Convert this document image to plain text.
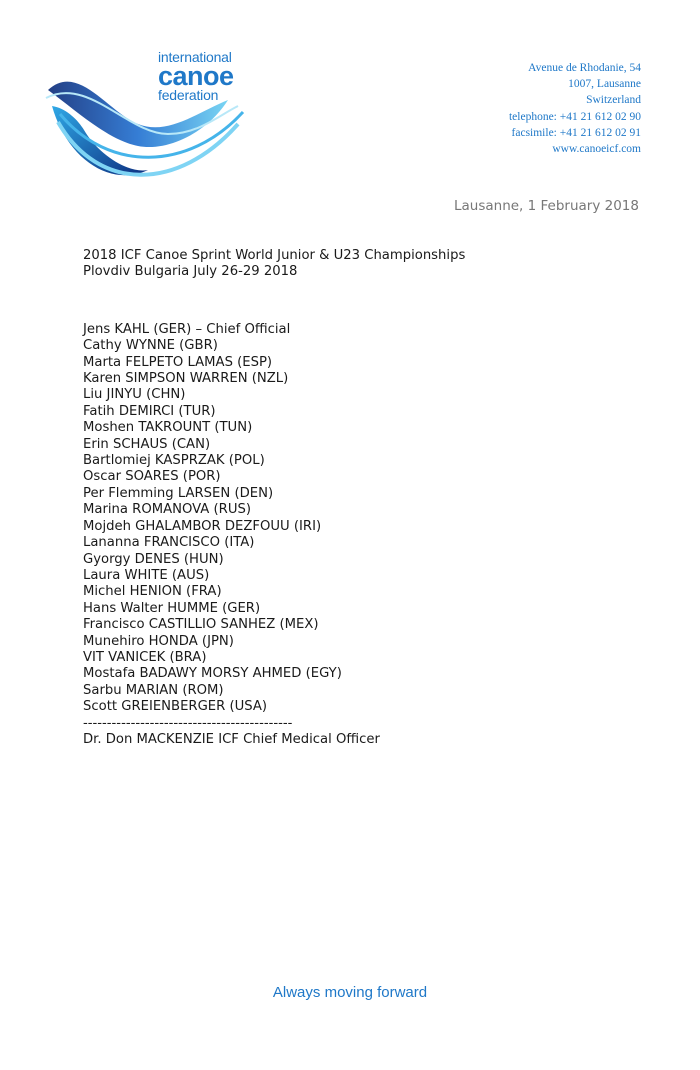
international
canoe
federation
Avenue de Rhodanie, 54
1007, Lausanne
Switzerland
telephone: +41 21 612 02 90
facsimile: +41 21 612 02 91
www.canoeicf.com
Lausanne, 1 February 2018
2018 ICF Canoe Sprint World Junior & U23 Championships
Plovdiv Bulgaria July 26-29 2018
Jens KAHL (GER) – Chief Official
Cathy WYNNE (GBR)
Marta FELPETO LAMAS (ESP)
Karen SIMPSON WARREN (NZL)
Liu JINYU (CHN)
Fatih DEMIRCI (TUR)
Moshen TAKROUNT (TUN)
Erin SCHAUS (CAN)
Bartlomiej KASPRZAK (POL)
Oscar SOARES (POR)
Per Flemming LARSEN (DEN)
Marina ROMANOVA (RUS)
Mojdeh GHALAMBOR DEZFOUU (IRI)
Lananna FRANCISCO (ITA)
Gyorgy DENES (HUN)
Laura WHITE (AUS)
Michel HENION (FRA)
Hans Walter HUMME (GER)
Francisco CASTILLIO SANHEZ (MEX)
Munehiro HONDA (JPN)
VIT VANICEK (BRA)
Mostafa BADAWY MORSY AHMED (EGY)
Sarbu MARIAN (ROM)
Scott GREIENBERGER (USA)
--------------------------------------------
Dr. Don MACKENZIE ICF Chief Medical Officer
Always moving forward
